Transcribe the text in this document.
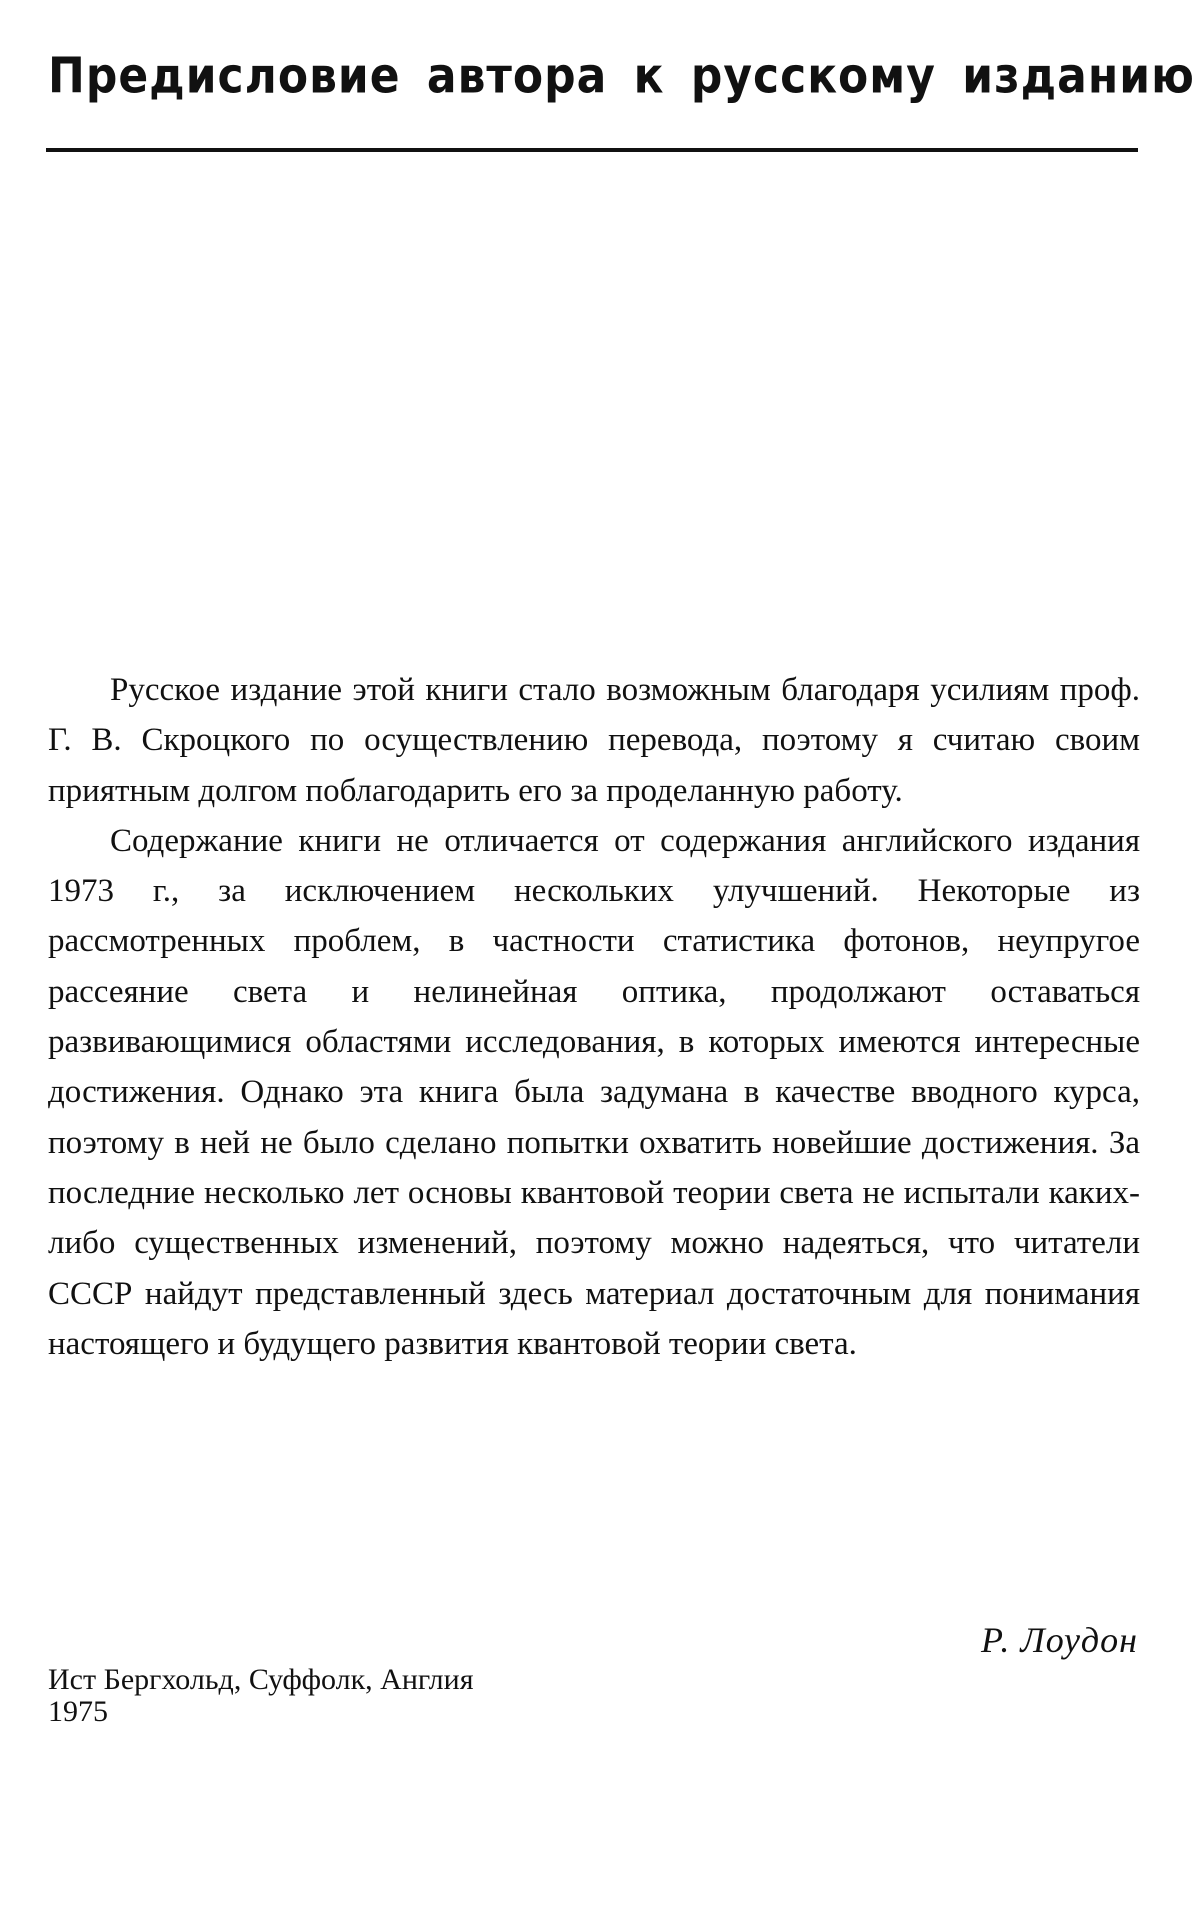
Предисловие автора к русскому изданию

Русское издание этой книги стало возможным благодаря усилиям проф. Г. В. Скроцкого по осуществлению перевода, поэтому я считаю своим приятным долгом поблагодарить его за проделанную работу.

Содержание книги не отличается от содержания английского издания 1973 г., за исключением нескольких улучшений. Некоторые из рассмотренных проблем, в частности статистика фотонов, неупругое рассеяние света и нелинейная оптика, продолжают оставаться развивающимися областями исследования, в которых имеются интересные достижения. Однако эта книга была задумана в качестве вводного курса, поэтому в ней не было сделано попытки охватить новейшие достижения. За последние несколько лет основы квантовой теории света не испытали каких-либо существенных изменений, поэтому можно надеяться, что читатели СССР найдут представленный здесь материал достаточным для понимания настоящего и будущего развития квантовой теории света.

Р. Лоудон
Ист Бергхольд, Суффолк, Англия
1975
